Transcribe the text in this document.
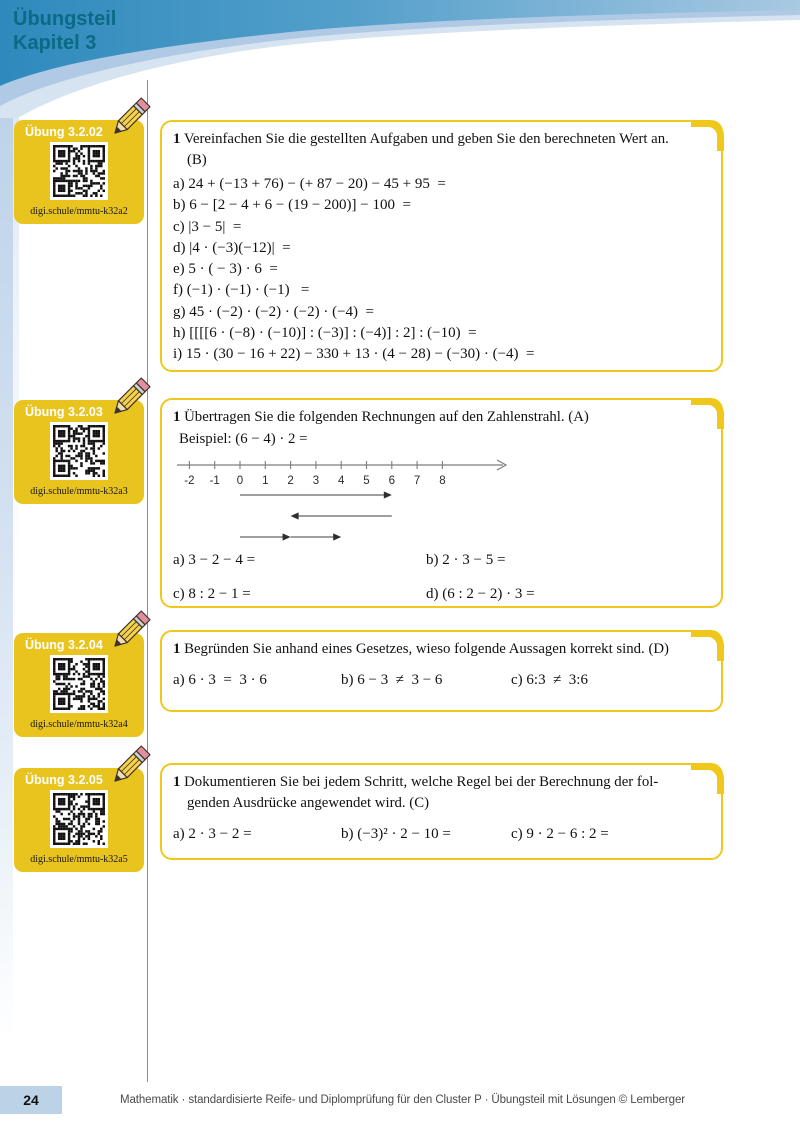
Übungsteil
Kapitel 3
Übung 3.2.02
digi.schule/mmtu-k32a2
Übung 3.2.03
digi.schule/mmtu-k32a3
Übung 3.2.04
digi.schule/mmtu-k32a4
Übung 3.2.05
digi.schule/mmtu-k32a5
1 Vereinfachen Sie die gestellten Aufgaben und geben Sie den berechneten Wert an.
(B)
a) 24 + (−13 + 76) − (+ 87 − 20) − 45 + 95  =
b) 6 − [2 − 4 + 6 − (19 − 200)] − 100  =
c) |3 − 5|  =
d) |4 · (−3)(−12)|  =
e) 5 · ( − 3) · 6  =
f) (−1) · (−1) · (−1)   =
g) 45 · (−2) · (−2) · (−2) · (−4)  =
h) [[[[6 · (−8) · (−10)] : (−3)] : (−4)] : 2] : (−10)  =
i) 15 · (30 − 16 + 22) − 330 + 13 · (4 − 28) − (−30) · (−4)  =
1 Übertragen Sie die folgenden Rechnungen auf den Zahlenstrahl. (A)
Beispiel: (6 − 4) · 2 =
-2 -1 0 1 2 3 4 5 6 7 8
a) 3 − 2 − 4 =	b) 2 · 3 − 5 =
c) 8 : 2 − 1 =	d) (6 : 2 − 2) · 3 =
1 Begründen Sie anhand eines Gesetzes, wieso folgende Aussagen korrekt sind. (D)
a) 6 · 3  =  3 · 6	b) 6 − 3  ≠  3 − 6	c) 6:3  ≠  3:6
1 Dokumentieren Sie bei jedem Schritt, welche Regel bei der Berechnung der fol-
genden Ausdrücke angewendet wird. (C)
a) 2 · 3 − 2 =	b) (−3)² · 2 − 10 =	c) 9 · 2 − 6 : 2 =
24	Mathematik · standardisierte Reife- und Diplomprüfung für den Cluster P · Übungsteil mit Lösungen © Lemberger
